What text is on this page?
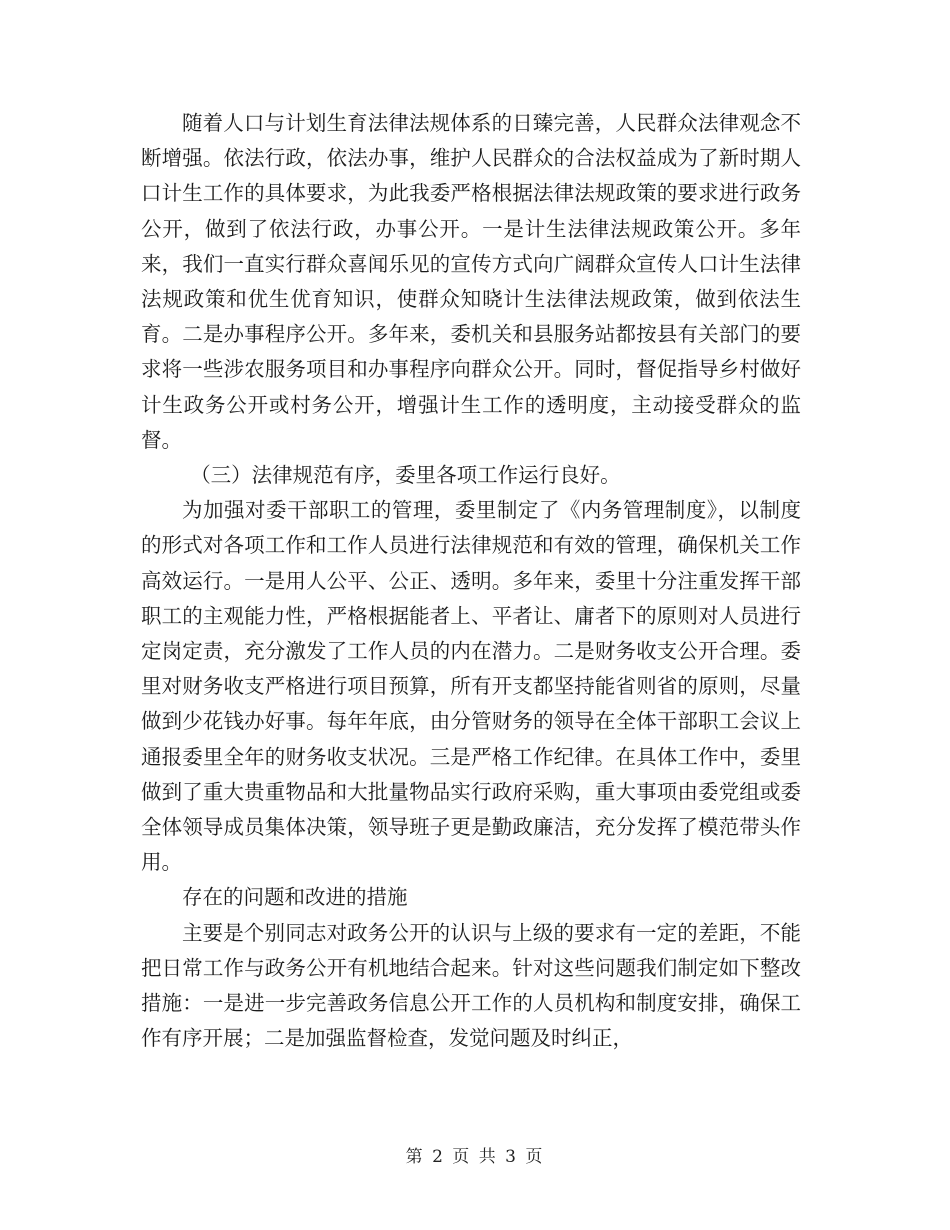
随着人口与计划生育法律法规体系的日臻完善，人民群众法律观念不断增强。依法行政，依法办事，维护人民群众的合法权益成为了新时期人口计生工作的具体要求，为此我委严格根据法律法规政策的要求进行政务公开，做到了依法行政，办事公开。一是计生法律法规政策公开。多年来，我们一直实行群众喜闻乐见的宣传方式向广阔群众宣传人口计生法律法规政策和优生优育知识，使群众知晓计生法律法规政策，做到依法生育。二是办事程序公开。多年来，委机关和县服务站都按县有关部门的要求将一些涉农服务项目和办事程序向群众公开。同时，督促指导乡村做好计生政务公开或村务公开，增强计生工作的透明度，主动接受群众的监督。

（三）法律规范有序，委里各项工作运行良好。

为加强对委干部职工的管理，委里制定了《内务管理制度》，以制度的形式对各项工作和工作人员进行法律规范和有效的管理，确保机关工作高效运行。一是用人公平、公正、透明。多年来，委里十分注重发挥干部职工的主观能力性，严格根据能者上、平者让、庸者下的原则对人员进行定岗定责，充分激发了工作人员的内在潜力。二是财务收支公开合理。委里对财务收支严格进行项目预算，所有开支都坚持能省则省的原则，尽量做到少花钱办好事。每年年底，由分管财务的领导在全体干部职工会议上通报委里全年的财务收支状况。三是严格工作纪律。在具体工作中，委里做到了重大贵重物品和大批量物品实行政府采购，重大事项由委党组或委全体领导成员集体决策，领导班子更是勤政廉洁，充分发挥了模范带头作用。

存在的问题和改进的措施

主要是个别同志对政务公开的认识与上级的要求有一定的差距，不能把日常工作与政务公开有机地结合起来。针对这些问题我们制定如下整改措施：一是进一步完善政务信息公开工作的人员机构和制度安排，确保工作有序开展；二是加强监督检查，发觉问题及时纠正，

第 2 页 共 3 页
